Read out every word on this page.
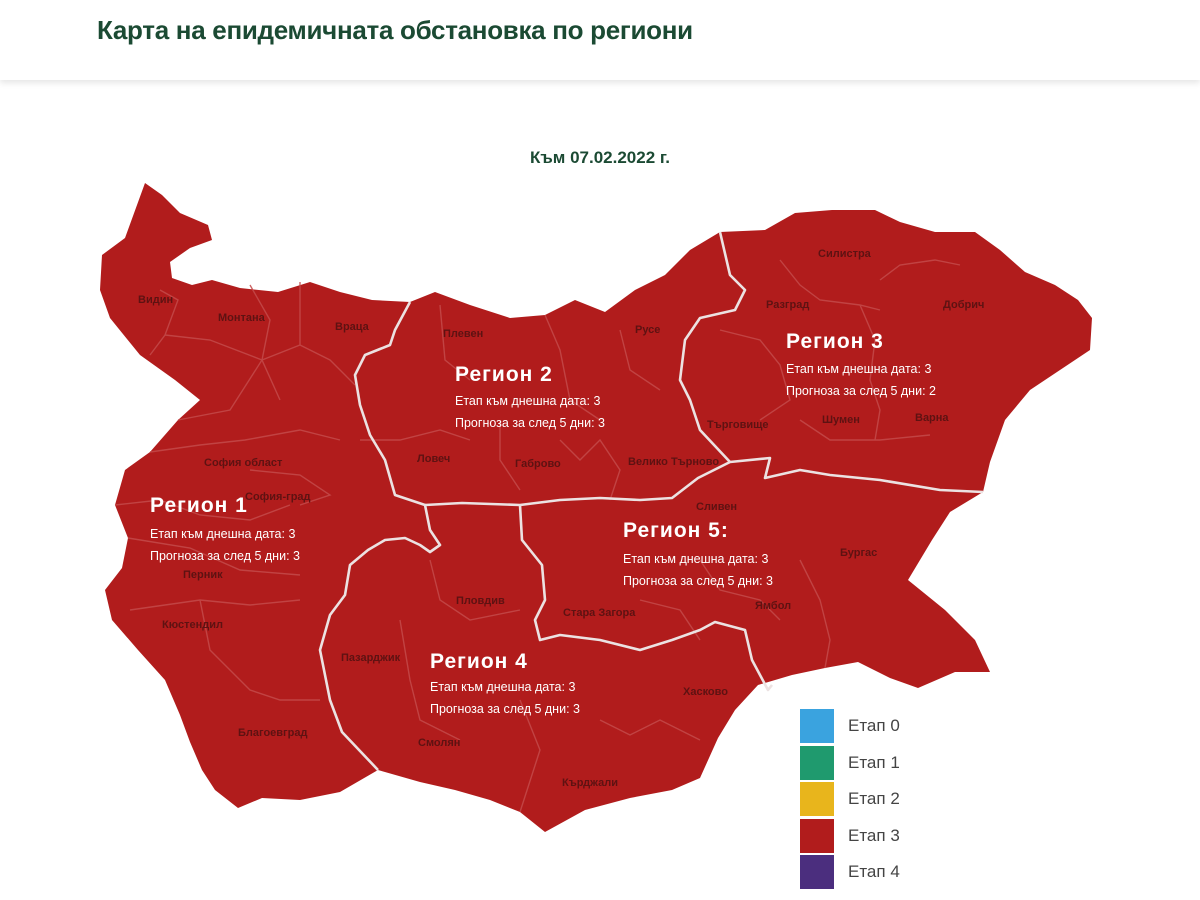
Карта на епидемичната обстановка по региони
Към 07.02.2022 г.
Видин
Монтана
Враца
Плевен	Русе
Силистра
Разград	Добрич
Търговище	Шумен	Варна
Ловеч	Габрово	Велико Търново
София област
София-град
Перник
Кюстендил
Благоевград
Пазарджик
Пловдив
Стара Загора
Сливен
Ямбол
Бургас
Смолян
Хасково
Кърджали
Регион 1
Етап към днешна дата: 3
Прогноза за след 5 дни: 3
Регион 2
Етап към днешна дата: 3
Прогноза за след 5 дни: 3
Регион 3
Етап към днешна дата: 3
Прогноза за след 5 дни: 2
Регион 4
Етап към днешна дата: 3
Прогноза за след 5 дни: 3
Регион 5:
Етап към днешна дата: 3
Прогноза за след 5 дни: 3
Етап 0
Етап 1
Етап 2
Етап 3
Етап 4
